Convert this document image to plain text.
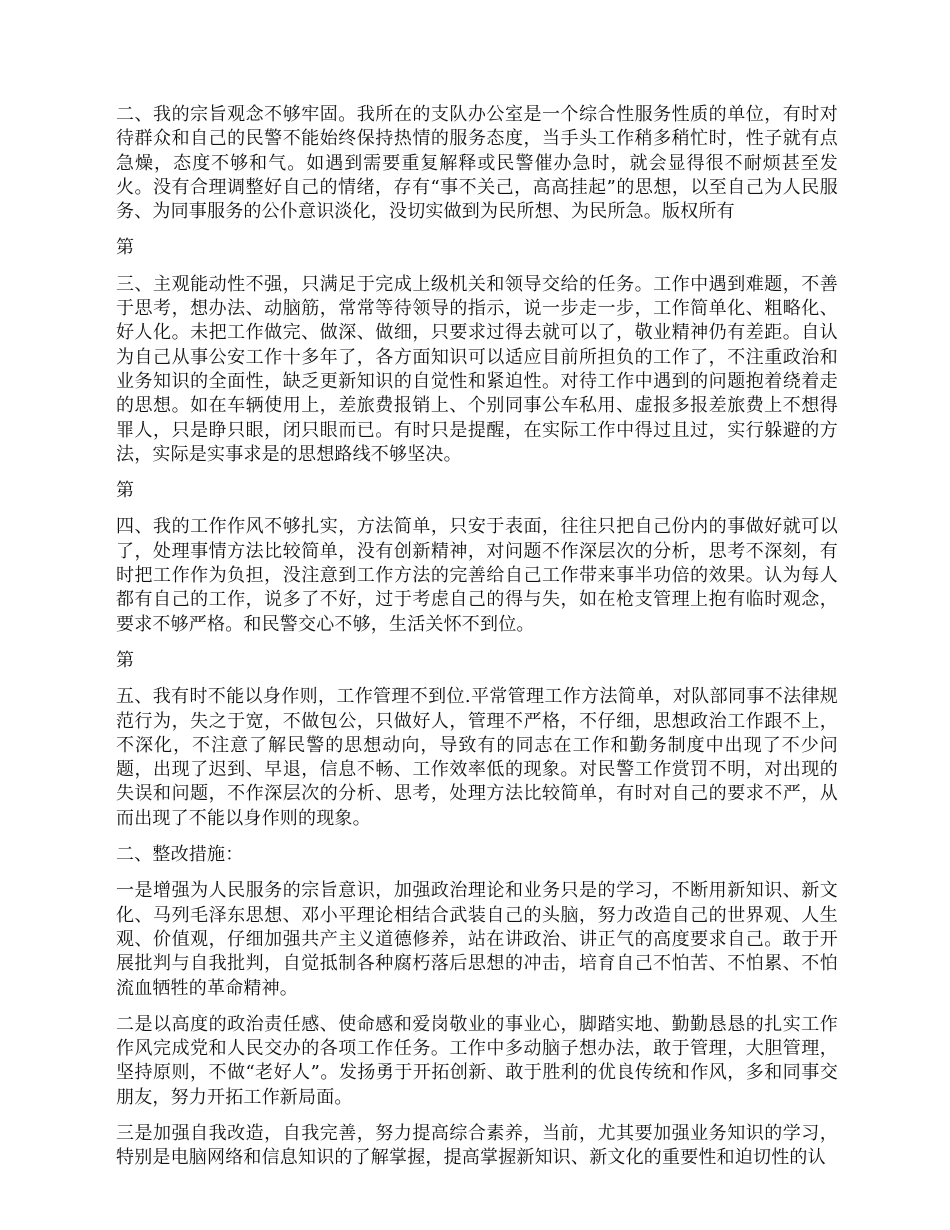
二、我的宗旨观念不够牢固。我所在的支队办公室是一个综合性服务性质的单位，有时对待群众和自己的民警不能始终保持热情的服务态度，当手头工作稍多稍忙时，性子就有点急燥，态度不够和气。如遇到需要重复解释或民警催办急时，就会显得很不耐烦甚至发火。没有合理调整好自己的情绪，存有“事不关己，高高挂起”的思想，以至自己为人民服务、为同事服务的公仆意识淡化，没切实做到为民所想、为民所急。版权所有

第

三、主观能动性不强，只满足于完成上级机关和领导交给的任务。工作中遇到难题，不善于思考，想办法、动脑筋，常常等待领导的指示，说一步走一步，工作简单化、粗略化、好人化。未把工作做完、做深、做细，只要求过得去就可以了，敬业精神仍有差距。自认为自己从事公安工作十多年了，各方面知识可以适应目前所担负的工作了，不注重政治和业务知识的全面性，缺乏更新知识的自觉性和紧迫性。对待工作中遇到的问题抱着绕着走的思想。如在车辆使用上，差旅费报销上、个别同事公车私用、虚报多报差旅费上不想得罪人，只是睁只眼，闭只眼而已。有时只是提醒，在实际工作中得过且过，实行躲避的方法，实际是实事求是的思想路线不够坚决。

第

四、我的工作作风不够扎实，方法简单，只安于表面，往往只把自己份内的事做好就可以了，处理事情方法比较简单，没有创新精神，对问题不作深层次的分析，思考不深刻，有时把工作作为负担，没注意到工作方法的完善给自己工作带来事半功倍的效果。认为每人都有自己的工作，说多了不好，过于考虑自己的得与失，如在枪支管理上抱有临时观念，要求不够严格。和民警交心不够，生活关怀不到位。

第

五、我有时不能以身作则，工作管理不到位.平常管理工作方法简单，对队部同事不法律规范行为，失之于宽，不做包公，只做好人，管理不严格，不仔细，思想政治工作跟不上，不深化，不注意了解民警的思想动向，导致有的同志在工作和勤务制度中出现了不少问题，出现了迟到、早退，信息不畅、工作效率低的现象。对民警工作赏罚不明，对出现的失误和问题，不作深层次的分析、思考，处理方法比较简单，有时对自己的要求不严，从而出现了不能以身作则的现象。

二、整改措施：

一是增强为人民服务的宗旨意识，加强政治理论和业务只是的学习，不断用新知识、新文化、马列毛泽东思想、邓小平理论相结合武装自己的头脑，努力改造自己的世界观、人生观、价值观，仔细加强共产主义道德修养，站在讲政治、讲正气的高度要求自己。敢于开展批判与自我批判，自觉抵制各种腐朽落后思想的冲击，培育自己不怕苦、不怕累、不怕流血牺牲的革命精神。

二是以高度的政治责任感、使命感和爱岗敬业的事业心，脚踏实地、勤勤恳恳的扎实工作作风完成党和人民交办的各项工作任务。工作中多动脑子想办法，敢于管理，大胆管理，坚持原则，不做“老好人”。发扬勇于开拓创新、敢于胜利的优良传统和作风，多和同事交朋友，努力开拓工作新局面。

三是加强自我改造，自我完善，努力提高综合素养，当前，尤其要加强业务知识的学习，特别是电脑网络和信息知识的了解掌握，提高掌握新知识、新文化的重要性和迫切性的认
